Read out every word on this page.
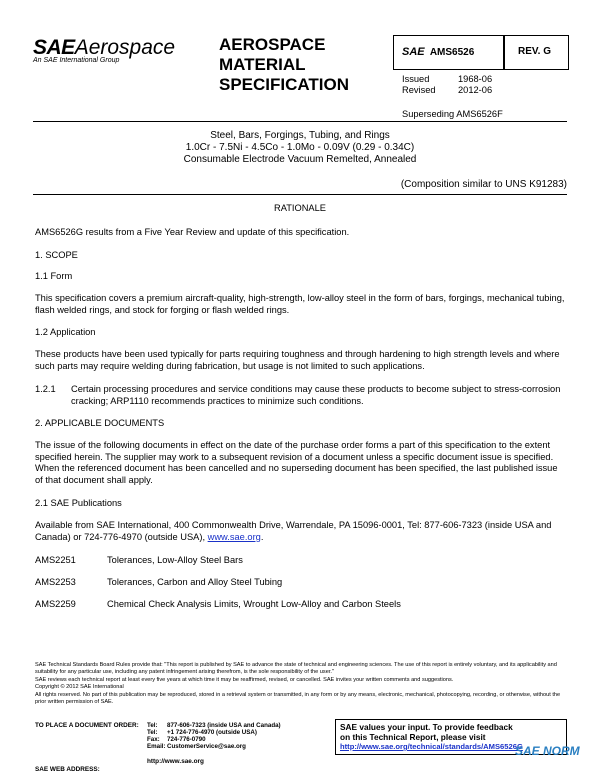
SAEAerospace
An SAE International Group
AEROSPACE
MATERIAL
SPECIFICATION
SAE AMS6526	REV. G
Issued	1968-06
Revised 2012-06
Superseding AMS6526F
Steel, Bars, Forgings, Tubing, and Rings
1.0Cr - 7.5Ni - 4.5Co - 1.0Mo - 0.09V (0.29 - 0.34C)
Consumable Electrode Vacuum Remelted, Annealed
(Composition similar to UNS K91283)
RATIONALE
AMS6526G results from a Five Year Review and update of this specification.
1. SCOPE
1.1 Form
This specification covers a premium aircraft-quality, high-strength, low-alloy steel in the form of bars, forgings, mechanical tubing, flash welded rings, and stock for forging or flash welded rings.
1.2 Application
These products have been used typically for parts requiring toughness and through hardening to high strength levels and where such parts may require welding during fabrication, but usage is not limited to such applications.
1.2.1 Certain processing procedures and service conditions may cause these products to become subject to stress-corrosion cracking; ARP1110 recommends practices to minimize such conditions.
2. APPLICABLE DOCUMENTS
The issue of the following documents in effect on the date of the purchase order forms a part of this specification to the extent specified herein. The supplier may work to a subsequent revision of a document unless a specific document issue is specified. When the referenced document has been cancelled and no superseding document has been specified, the last published issue of that document shall apply.
2.1 SAE Publications
Available from SAE International, 400 Commonwealth Drive, Warrendale, PA 15096-0001, Tel: 877-606-7323 (inside USA and Canada) or 724-776-4970 (outside USA), www.sae.org.
AMS2251	Tolerances, Low-Alloy Steel Bars
AMS2253	Tolerances, Carbon and Alloy Steel Tubing
AMS2259	Chemical Check Analysis Limits, Wrought Low-Alloy and Carbon Steels
SAE Technical Standards Board Rules provide that: "This report is published by SAE to advance the state of technical and engineering sciences. The use of this report is entirely voluntary, and its applicability and suitability for any particular use, including any patent infringement arising therefrom, is the sole responsibility of the user."
SAE reviews each technical report at least every five years at which time it may be reaffirmed, revised, or cancelled. SAE invites your written comments and suggestions.
Copyright © 2012 SAE International
All rights reserved. No part of this publication may be reproduced, stored in a retrieval system or transmitted, in any form or by any means, electronic, mechanical, photocopying, recording, or otherwise, without the prior written permission of SAE.
TO PLACE A DOCUMENT ORDER: Tel: 877-606-7323 (inside USA and Canada)
Tel: +1 724-776-4970 (outside USA)
Fax: 724-776-0790
Email:CustomerService@sae.org
SAE WEB ADDRESS:
http://www.sae.org
SAE values your input. To provide feedback
on this Technical Report, please visit
http://www.sae.org/technical/standards/AMS6526G
SAE NORM
